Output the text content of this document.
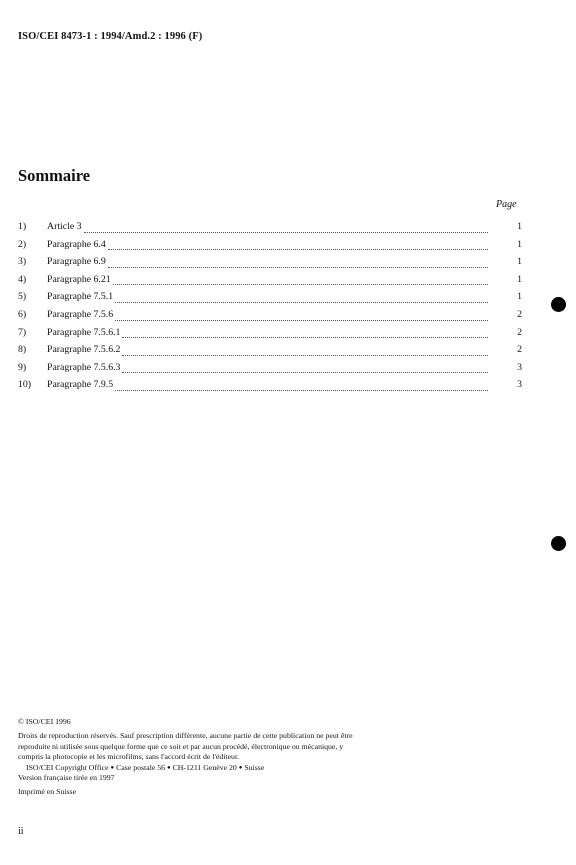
ISO/CEI 8473-1 : 1994/Amd.2 : 1996 (F)
Sommaire
Page
1)	Article 3	1
2)	Paragraphe 6.4	1
3)	Paragraphe 6.9	1
4)	Paragraphe 6.21	1
5)	Paragraphe 7.5.1	1
6)	Paragraphe 7.5.6	2
7)	Paragraphe 7.5.6.1	2
8)	Paragraphe 7.5.6.2	2
9)	Paragraphe 7.5.6.3	3
10)	Paragraphe 7.9.5	3

© ISO/CEI 1996

Droits de reproduction réservés. Sauf prescription différente, aucune partie de cette publication ne peut être reproduite ni utilisée sous quelque forme que ce soit et par aucun procédé, électronique ou mécanique, y compris la photocopie et les microfilms, sans l'accord écrit de l'éditeur.

ISO/CEI Copyright Office ● Case postale 56 ● CH-1211 Genève 20 ● Suisse

Version française tirée en 1997

Imprimé en Suisse

ii
